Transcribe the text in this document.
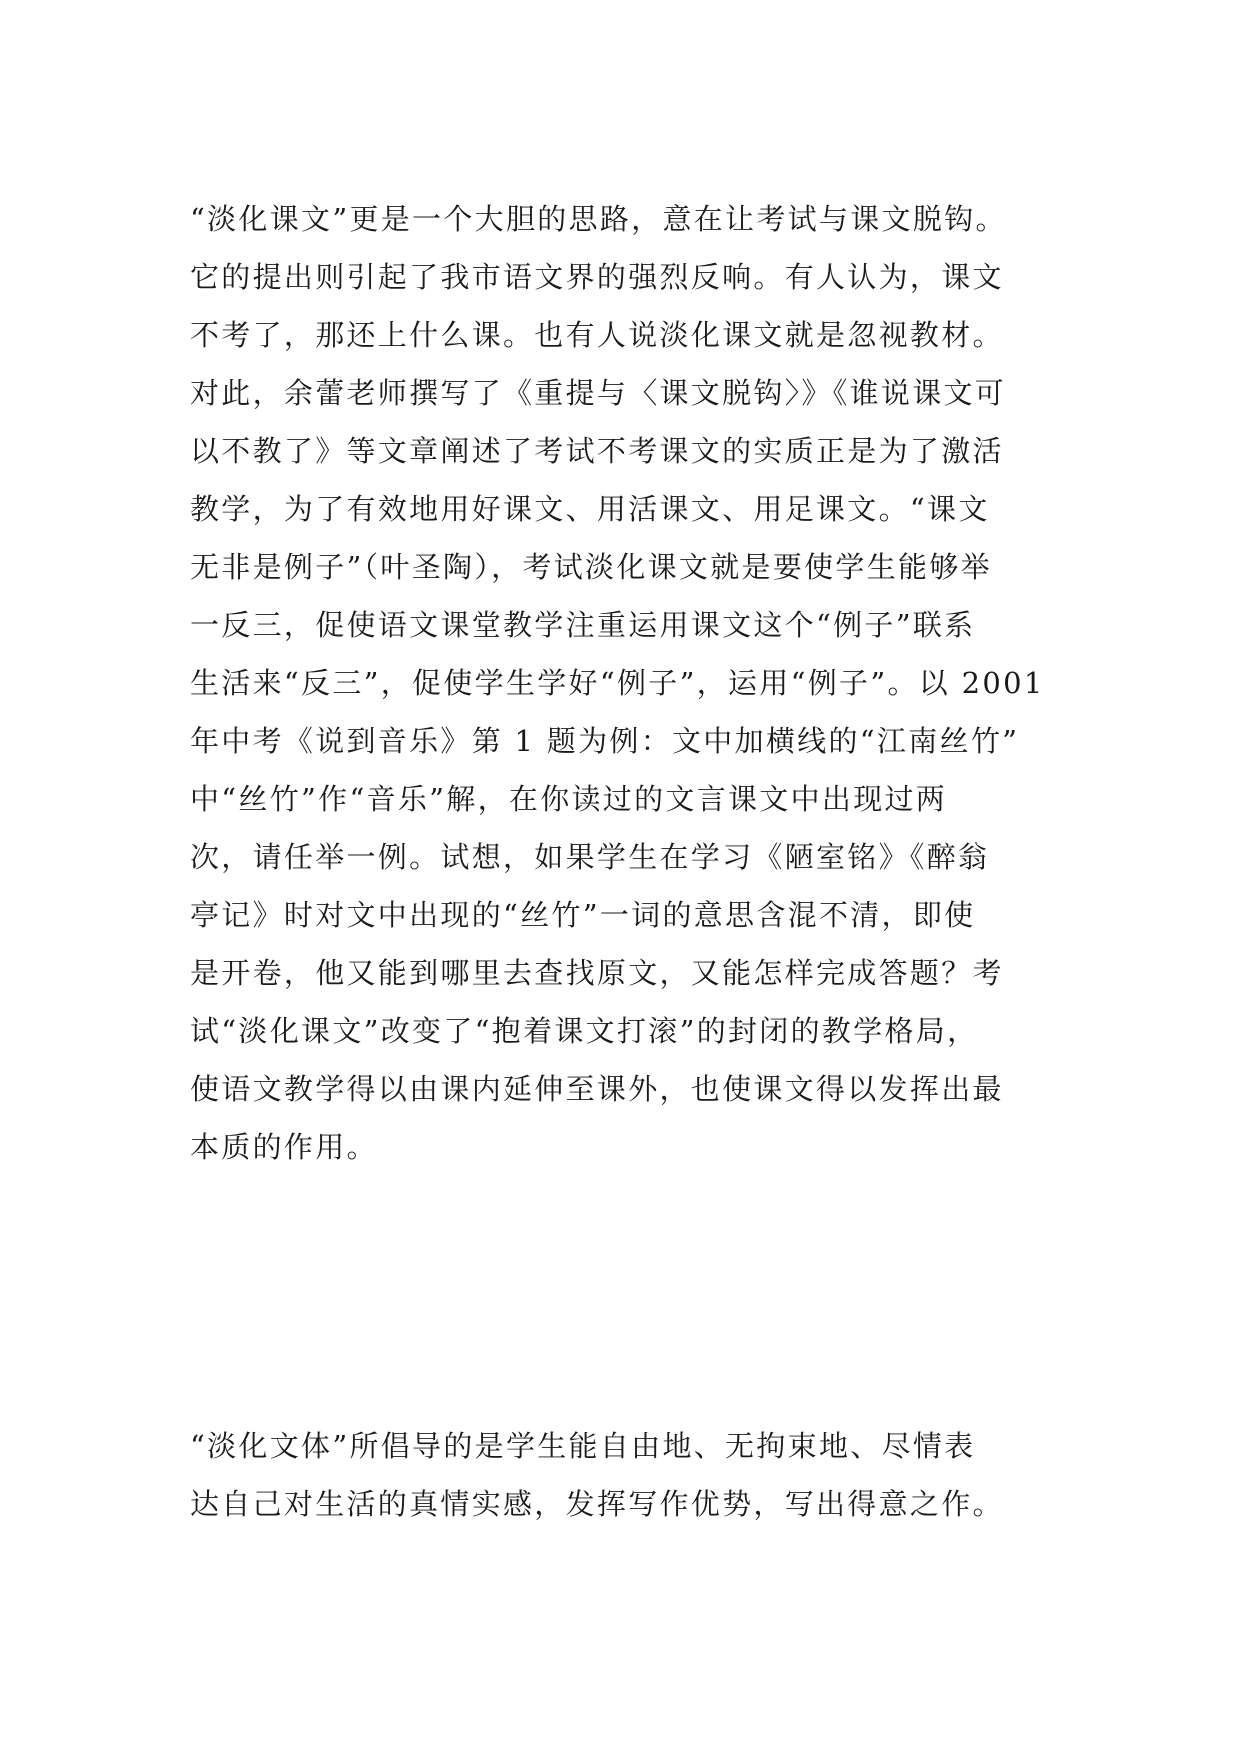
“淡化课文”更是一个大胆的思路，意在让考试与课文脱钩。
它的提出则引起了我市语文界的强烈反响。有人认为，课文
不考了，那还上什么课。也有人说淡化课文就是忽视教材。
对此，余蕾老师撰写了《重提与〈课文脱钩〉》《谁说课文可
以不教了》等文章阐述了考试不考课文的实质正是为了激活
教学，为了有效地用好课文、用活课文、用足课文。“课文
无非是例子”（叶圣陶），考试淡化课文就是要使学生能够举
一反三，促使语文课堂教学注重运用课文这个“例子”联系
生活来“反三”，促使学生学好“例子”，运用“例子”。以 2001
年中考《说到音乐》第 1 题为例：文中加横线的“江南丝竹”
中“丝竹”作“音乐”解，在你读过的文言课文中出现过两
次，请任举一例。试想，如果学生在学习《陋室铭》《醉翁
亭记》时对文中出现的“丝竹”一词的意思含混不清，即使
是开卷，他又能到哪里去查找原文，又能怎样完成答题？考
试“淡化课文”改变了“抱着课文打滚”的封闭的教学格局，
使语文教学得以由课内延伸至课外，也使课文得以发挥出最
本质的作用。
“淡化文体”所倡导的是学生能自由地、无拘束地、尽情表
达自己对生活的真情实感，发挥写作优势，写出得意之作。
